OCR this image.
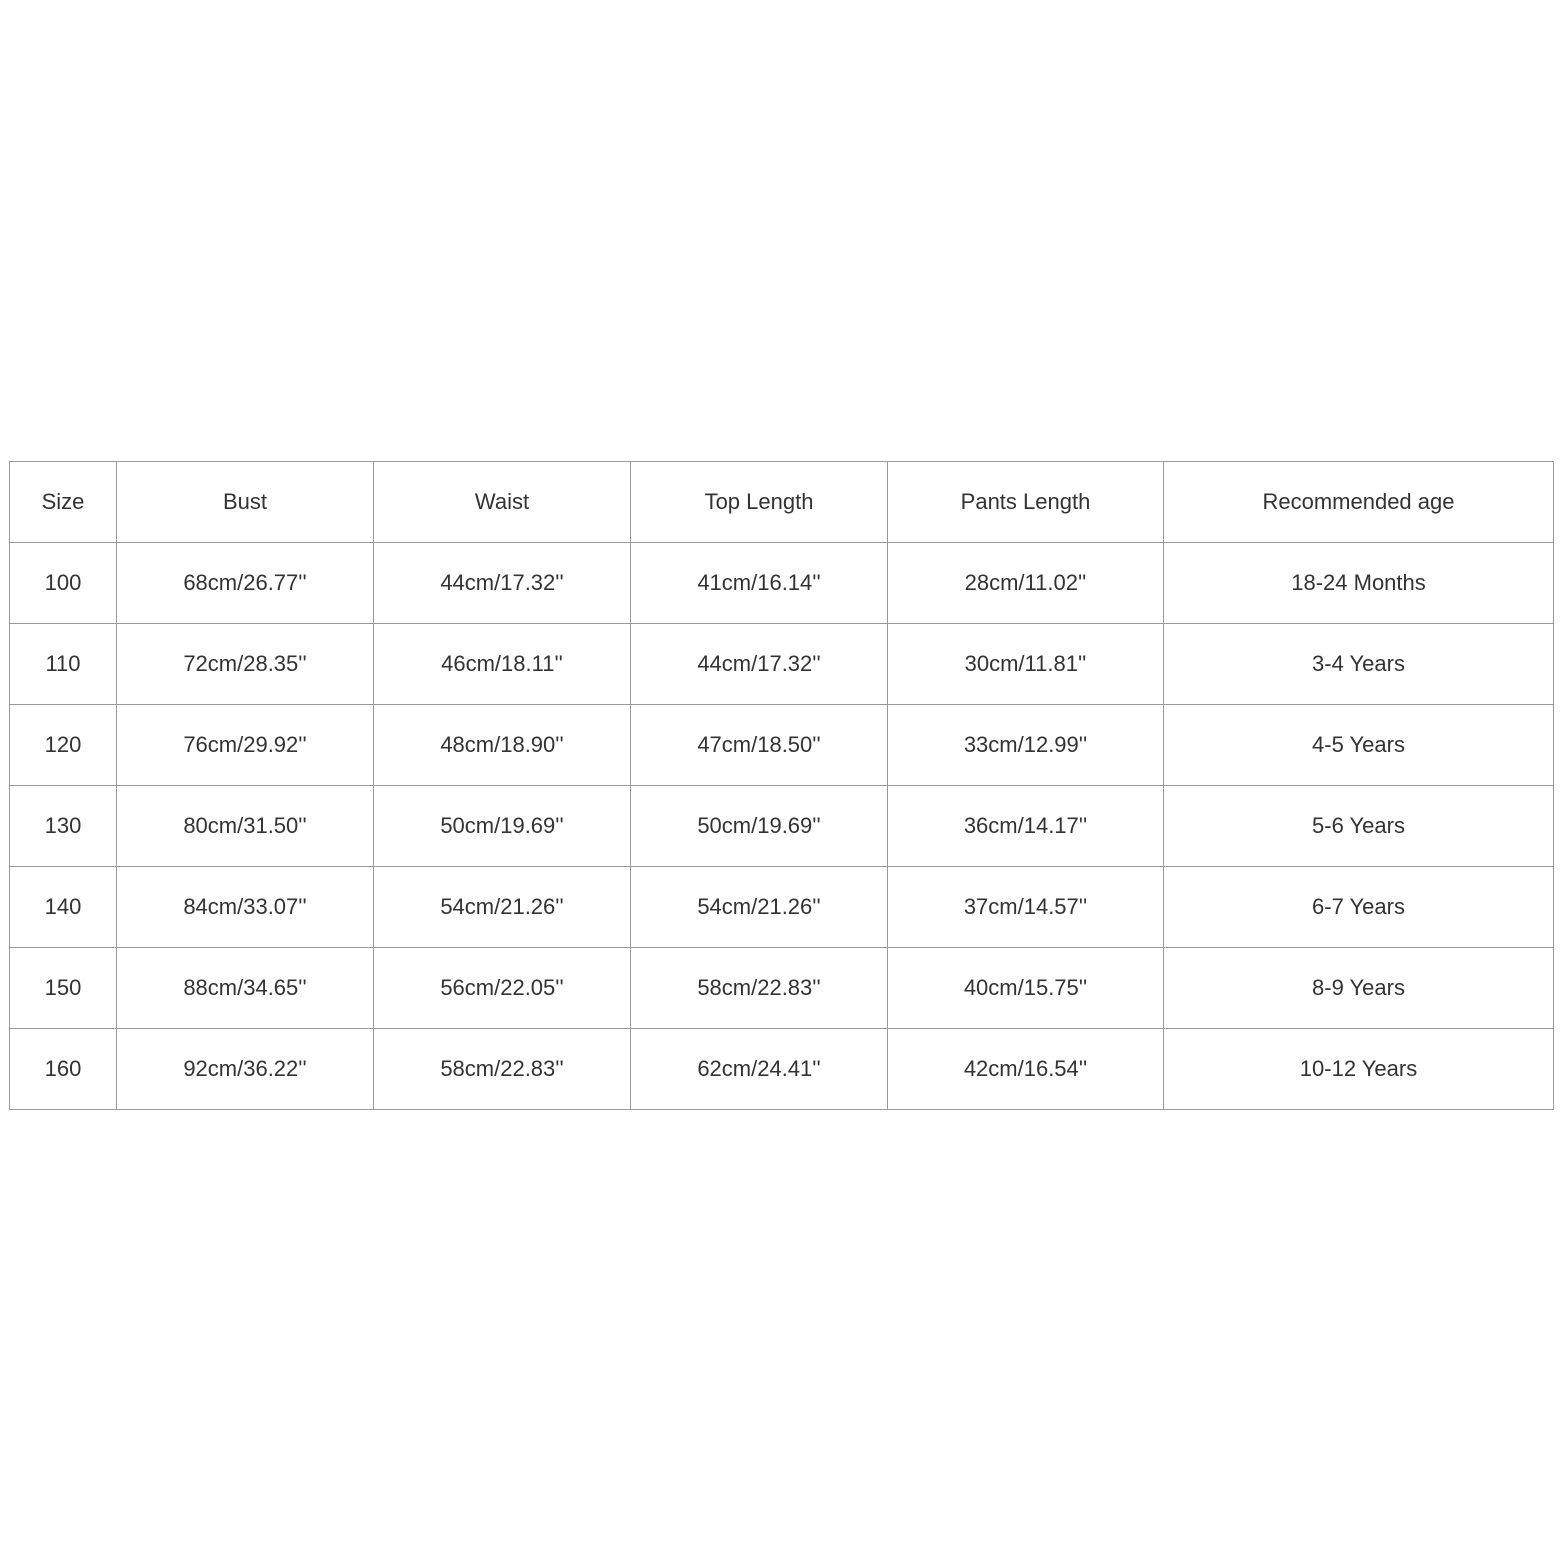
Size	Bust	Waist	Top Length	Pants Length	Recommended age
100	68cm/26.77''	44cm/17.32''	41cm/16.14''	28cm/11.02''	18-24 Months
110	72cm/28.35''	46cm/18.11''	44cm/17.32''	30cm/11.81''	3-4 Years
120	76cm/29.92''	48cm/18.90''	47cm/18.50''	33cm/12.99''	4-5 Years
130	80cm/31.50''	50cm/19.69''	50cm/19.69''	36cm/14.17''	5-6 Years
140	84cm/33.07''	54cm/21.26''	54cm/21.26''	37cm/14.57''	6-7 Years
150	88cm/34.65''	56cm/22.05''	58cm/22.83''	40cm/15.75''	8-9 Years
160	92cm/36.22''	58cm/22.83''	62cm/24.41''	42cm/16.54''	10-12 Years
